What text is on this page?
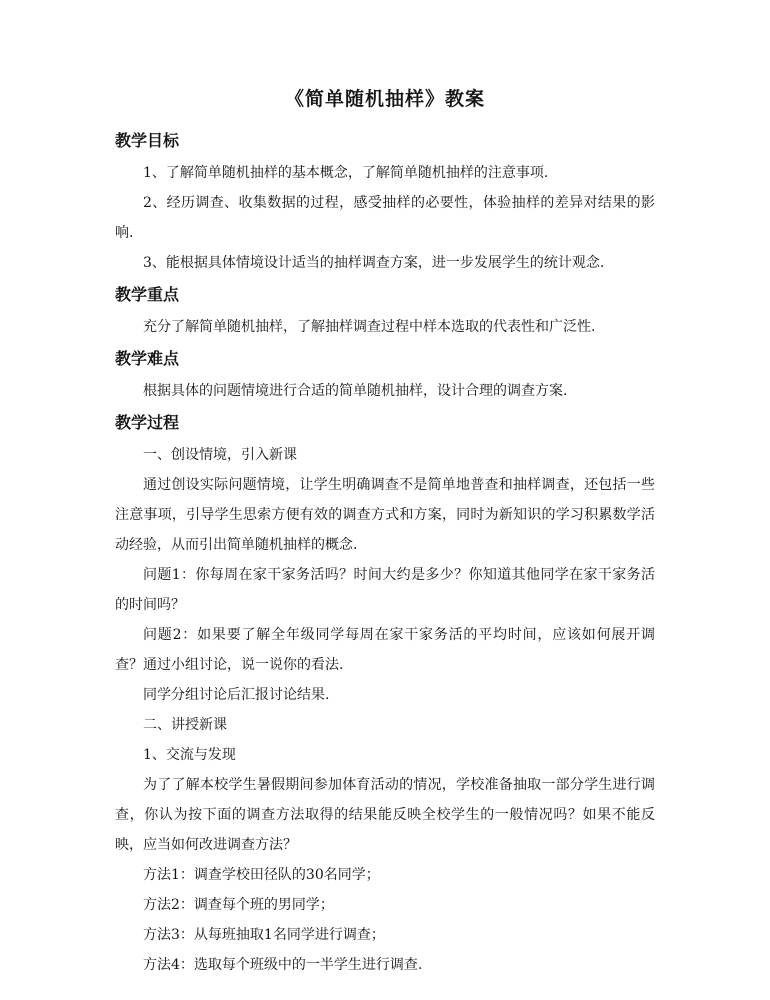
《简单随机抽样》教案
教学目标

1、了解简单随机抽样的基本概念，了解简单随机抽样的注意事项.

2、经历调查、收集数据的过程，感受抽样的必要性，体验抽样的差异对结果的影响.

3、能根据具体情境设计适当的抽样调查方案，进一步发展学生的统计观念.

教学重点

充分了解简单随机抽样，了解抽样调查过程中样本选取的代表性和广泛性.

教学难点

根据具体的问题情境进行合适的简单随机抽样，设计合理的调查方案.

教学过程

一、创设情境，引入新课

通过创设实际问题情境，让学生明确调查不是简单地普查和抽样调查，还包括一些注意事项，引导学生思索方便有效的调查方式和方案，同时为新知识的学习积累数学活动经验，从而引出简单随机抽样的概念.

问题1：你每周在家干家务活吗？时间大约是多少？你知道其他同学在家干家务活的时间吗？

问题2：如果要了解全年级同学每周在家干家务活的平均时间，应该如何展开调查？通过小组讨论，说一说你的看法.

同学分组讨论后汇报讨论结果.

二、讲授新课

1、交流与发现

为了了解本校学生暑假期间参加体育活动的情况，学校准备抽取一部分学生进行调查，你认为按下面的调查方法取得的结果能反映全校学生的一般情况吗？如果不能反映，应当如何改进调查方法？

方法1：调查学校田径队的30名同学；

方法2：调查每个班的男同学；

方法3：从每班抽取1名同学进行调查；

方法4：选取每个班级中的一半学生进行调查.
